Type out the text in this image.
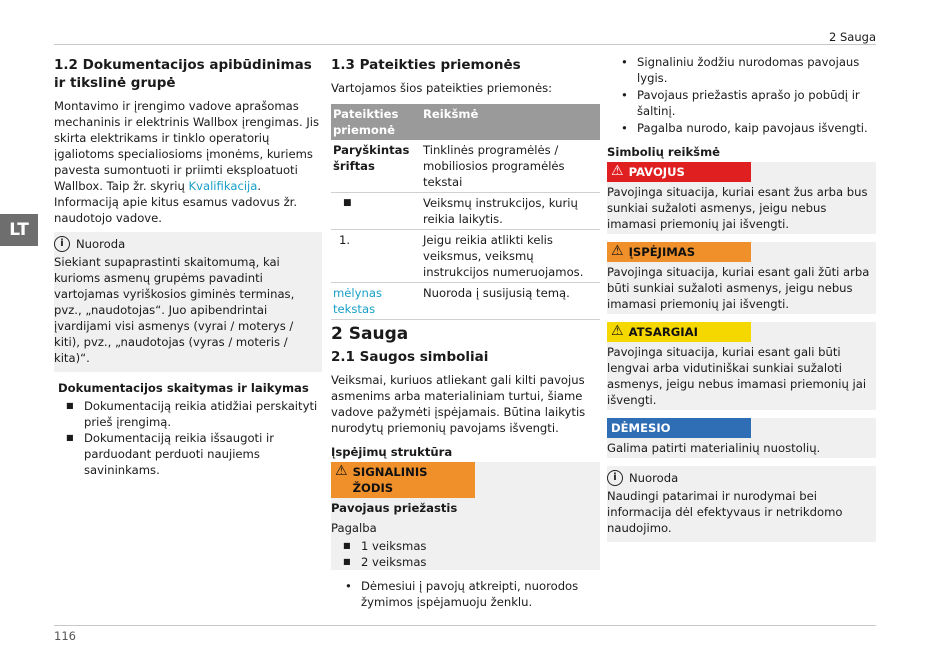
2 Sauga
LT
1.2 Dokumentacijos apibūdinimas ir tikslinė grupė

Montavimo ir įrengimo vadove aprašomas mechaninis ir elektrinis Wallbox įrengimas. Jis skirta elektrikams ir tinklo operatorių įgaliotoms specialiosioms įmonėms, kuriems pavesta sumontuoti ir priimti eksploatuoti Wallbox. Taip žr. skyrių Kvalifikacija.

Informaciją apie kitus esamus vadovus žr. naudotojo vadove.

i	Nuoroda

Siekiant supaprastinti skaitomumą, kai kurioms asmenų grupėms pavadinti vartojamas vyriškosios giminės terminas, pvz., „naudotojas“. Juo apibendrintai įvardijami visi asmenys (vyrai / moterys / kiti), pvz., „naudotojas (vyras / moteris / kita)“.

Dokumentacijos skaitymas ir laikymas
■ Dokumentaciją reikia atidžiai perskaityti prieš įrengimą.
■ Dokumentaciją reikia išsaugoti ir parduodant perduoti naujiems savininkams.
1.3 Pateikties priemonės

Vartojamos šios pateikties priemonės:

Pateikties priemonė	Reikšmė
Paryškintas šriftas	Tinklinės programėlės / mobiliosios programėlės tekstai
■	Veiksmų instrukcijos, kurių reikia laikytis.
1.	Jeigu reikia atlikti kelis veiksmus, veiksmų instrukcijos numeruojamos.
mėlynas tekstas	Nuoroda į susijusią temą.
2 Sauga
2.1 Saugos simboliai

Veiksmai, kuriuos atliekant gali kilti pavojus asmenims arba materialiniam turtui, šiame vadove pažymėti įspėjamais. Būtina laikytis nurodytų priemonių pavojams išvengti.

Įspėjimų struktūra
⚠ SIGNALINIS ŽODIS

Pavojaus priežastis

Pagalba

■ 1 veiksmas
■ 2 veiksmas
• Dėmesiui į pavojų atkreipti, nuorodos žymimos įspėjamuoju ženklu.
• Signaliniu žodžiu nurodomas pavojaus lygis.
• Pavojaus priežastis aprašo jo pobūdį ir šaltinį.
• Pagalba nurodo, kaip pavojaus išvengti.
Simbolių reikšmė
⚠ PAVOJUS

Pavojinga situacija, kuriai esant žus arba bus sunkiai sužaloti asmenys, jeigu nebus imamasi priemonių jai išvengti.

⚠ ĮSPĖJIMAS

Pavojinga situacija, kuriai esant gali žūti arba būti sunkiai sužaloti asmenys, jeigu nebus imamasi priemonių jai išvengti.

⚠ ATSARGIAI

Pavojinga situacija, kuriai esant gali būti lengvai arba vidutiniškai sunkiai sužaloti asmenys, jeigu nebus imamasi priemonių jai išvengti.

DĖMESIO

Galima patirti materialinių nuostolių.

i	Nuoroda

Naudingi patarimai ir nurodymai bei informacija dėl efektyvaus ir netrikdomo naudojimo.

116
